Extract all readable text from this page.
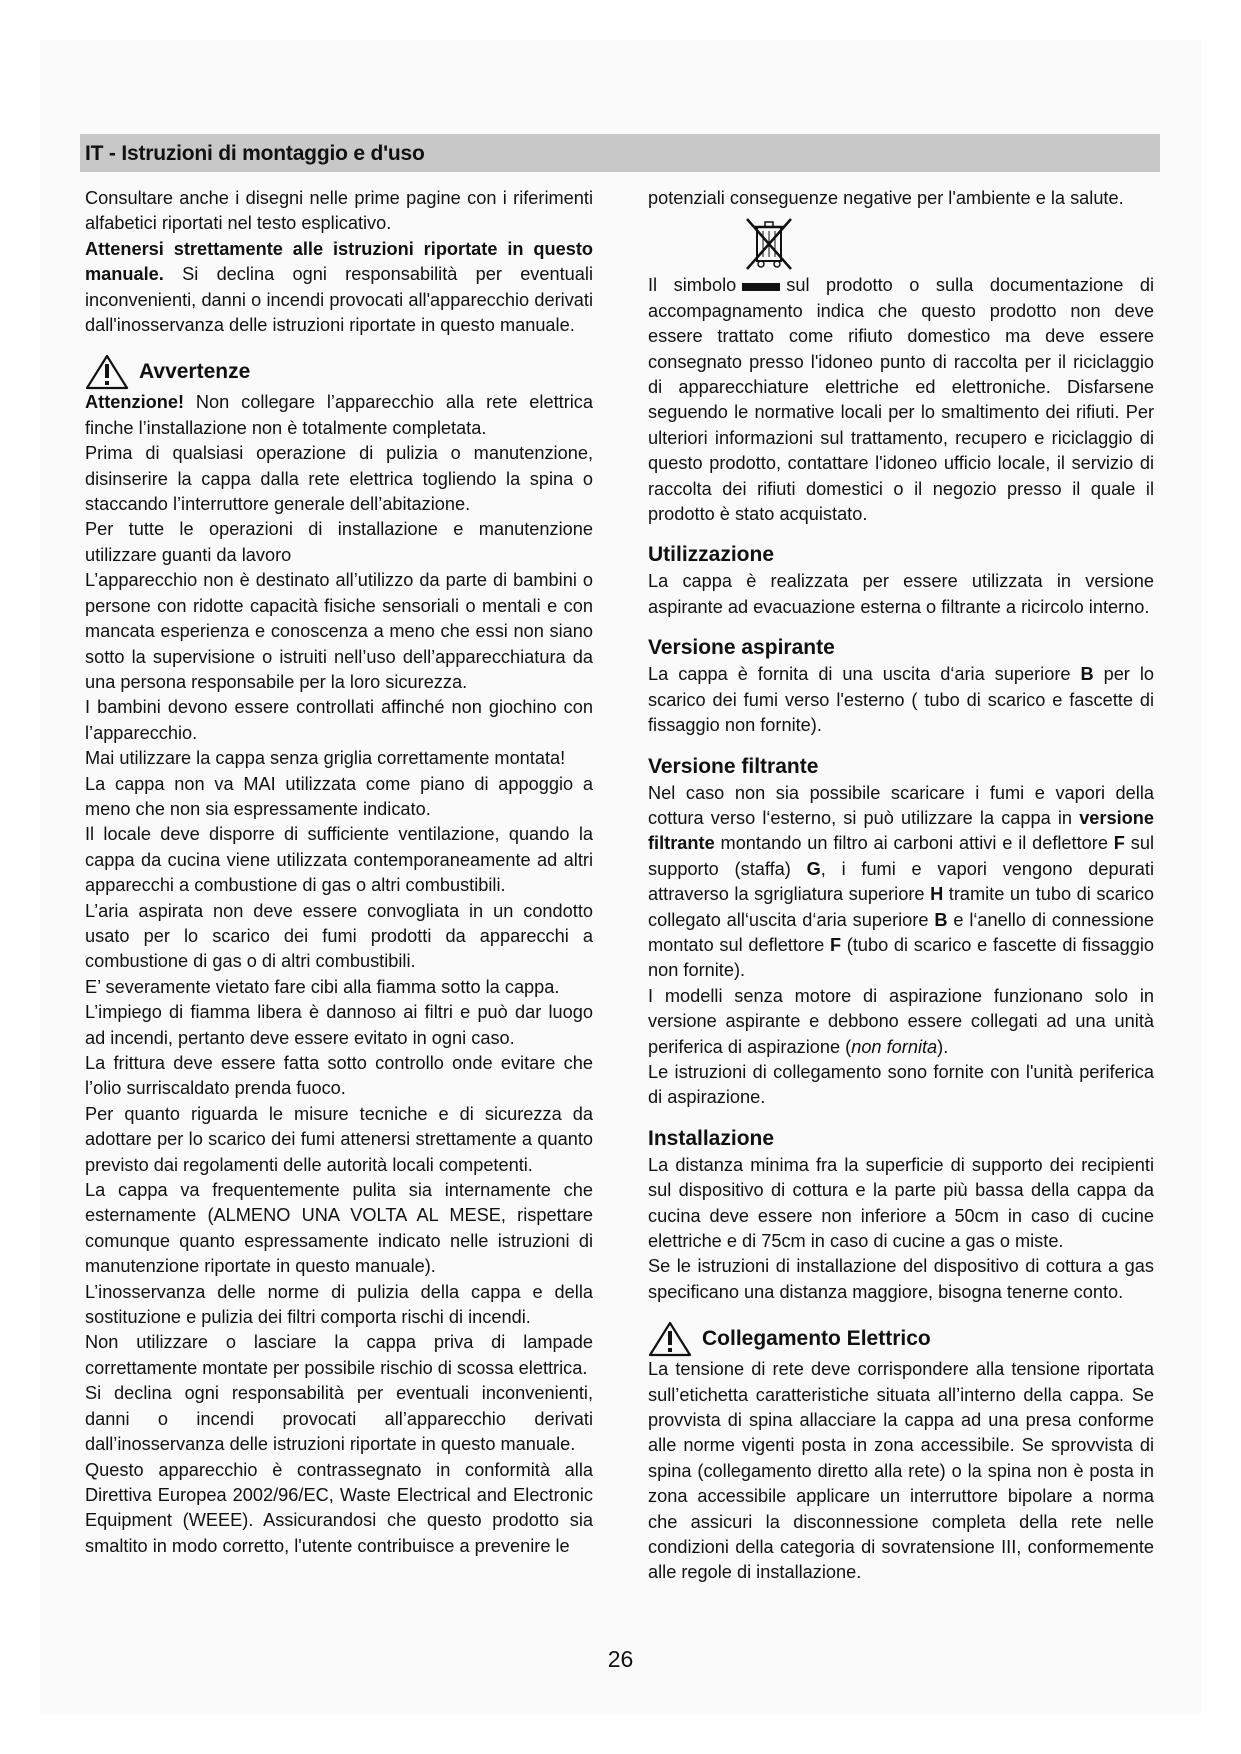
IT - Istruzioni di montaggio e d'uso

Consultare anche i disegni nelle prime pagine con i riferimenti alfabetici riportati nel testo esplicativo.

Attenersi strettamente alle istruzioni riportate in questo manuale. Si declina ogni responsabilità per eventuali inconvenienti, danni o incendi provocati all'apparecchio derivati dall'inosservanza delle istruzioni riportate in questo manuale.

Avvertenze

Attenzione! Non collegare l’apparecchio alla rete elettrica finche l’installazione non è totalmente completata.

Prima di qualsiasi operazione di pulizia o manutenzione, disinserire la cappa dalla rete elettrica togliendo la spina o staccando l’interruttore generale dell’abitazione.

Per tutte le operazioni di installazione e manutenzione utilizzare guanti da lavoro

L’apparecchio non è destinato all’utilizzo da parte di bambini o persone con ridotte capacità fisiche sensoriali o mentali e con mancata esperienza e conoscenza a meno che essi non siano sotto la supervisione o istruiti nell’uso dell’apparecchiatura da una persona responsabile per la loro sicurezza.

I bambini devono essere controllati affinché non giochino con l’apparecchio.

Mai utilizzare la cappa senza griglia correttamente montata!

La cappa non va MAI utilizzata come piano di appoggio a meno che non sia espressamente indicato.

Il locale deve disporre di sufficiente ventilazione, quando la cappa da cucina viene utilizzata contemporaneamente ad altri apparecchi a combustione di gas o altri combustibili.

L’aria aspirata non deve essere convogliata in un condotto usato per lo scarico dei fumi prodotti da apparecchi a combustione di gas o di altri combustibili.

E’ severamente vietato fare cibi alla fiamma sotto la cappa.

L’impiego di fiamma libera è dannoso ai filtri e può dar luogo ad incendi, pertanto deve essere evitato in ogni caso.

La frittura deve essere fatta sotto controllo onde evitare che l’olio surriscaldato prenda fuoco.

Per quanto riguarda le misure tecniche e di sicurezza da adottare per lo scarico dei fumi attenersi strettamente a quanto previsto dai regolamenti delle autorità locali competenti.

La cappa va frequentemente pulita sia internamente che esternamente (ALMENO UNA VOLTA AL MESE, rispettare comunque quanto espressamente indicato nelle istruzioni di manutenzione riportate in questo manuale).

L’inosservanza delle norme di pulizia della cappa e della sostituzione e pulizia dei filtri comporta rischi di incendi.

Non utilizzare o lasciare la cappa priva di lampade correttamente montate per possibile rischio di scossa elettrica.

Si declina ogni responsabilità per eventuali inconvenienti, danni o incendi provocati all’apparecchio derivati dall’inosservanza delle istruzioni riportate in questo manuale.

Questo apparecchio è contrassegnato in conformità alla Direttiva Europea 2002/96/EC, Waste Electrical and Electronic Equipment (WEEE). Assicurandosi che questo prodotto sia smaltito in modo corretto, l'utente contribuisce a prevenire le

potenziali conseguenze negative per l'ambiente e la salute.

Il simbolo	sul prodotto o sulla documentazione di accompagnamento indica che questo prodotto non deve essere trattato come rifiuto domestico ma deve essere consegnato presso l'idoneo punto di raccolta per il riciclaggio di apparecchiature elettriche ed elettroniche. Disfarsene seguendo le normative locali per lo smaltimento dei rifiuti. Per ulteriori informazioni sul trattamento, recupero e riciclaggio di questo prodotto, contattare l'idoneo ufficio locale, il servizio di raccolta dei rifiuti domestici o il negozio presso il quale il prodotto è stato acquistato.

Utilizzazione

La cappa è realizzata per essere utilizzata in versione aspirante ad evacuazione esterna o filtrante a ricircolo interno.

Versione aspirante

La cappa è fornita di una uscita d‘aria superiore B per lo scarico dei fumi verso l'esterno ( tubo di scarico e fascette di fissaggio non fornite).

Versione filtrante

Nel caso non sia possibile scaricare i fumi e vapori della cottura verso l‘esterno, si può utilizzare la cappa in versione filtrante montando un filtro ai carboni attivi e il deflettore F sul supporto (staffa) G, i fumi e vapori vengono depurati attraverso la sgrigliatura superiore H tramite un tubo di scarico collegato all‘uscita d‘aria superiore B e l‘anello di connessione montato sul deflettore F (tubo di scarico e fascette di fissaggio non fornite).

I modelli senza motore di aspirazione funzionano solo in versione aspirante e debbono essere collegati ad una unità periferica di aspirazione (non fornita).

Le istruzioni di collegamento sono fornite con l'unità periferica di aspirazione.

Installazione

La distanza minima fra la superficie di supporto dei recipienti sul dispositivo di cottura e la parte più bassa della cappa da cucina deve essere non inferiore a 50cm in caso di cucine elettriche e di 75cm in caso di cucine a gas o miste.

Se le istruzioni di installazione del dispositivo di cottura a gas specificano una distanza maggiore, bisogna tenerne conto.

Collegamento Elettrico

La tensione di rete deve corrispondere alla tensione riportata sull’etichetta caratteristiche situata all’interno della cappa. Se provvista di spina allacciare la cappa ad una presa conforme alle norme vigenti posta in zona accessibile. Se sprovvista di spina (collegamento diretto alla rete) o la spina non è posta in zona accessibile applicare un interruttore bipolare a norma che assicuri la disconnessione completa della rete nelle condizioni della categoria di sovratensione III, conformemente alle regole di installazione.

26
